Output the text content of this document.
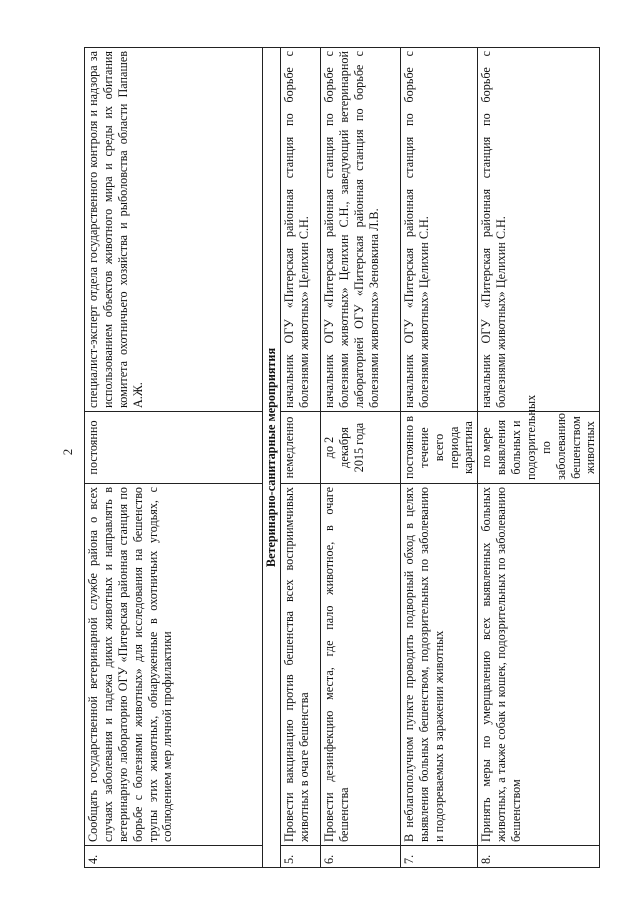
2
4.	Сообщать государственной ветеринарной службе района о всех случаях заболевания и падежа диких животных и направлять в ветеринарную лабораторию ОГУ «Питерская районная станция по борьбе с болезнями животных» для исследования на бешенство трупы этих животных, обнаруженные в охотничьих угодьях, с соблюдением мер личной профилактики	постоянно	специалист-эксперт отдела государственного контроля и надзора за использованием объектов животного мира и среды их обитания комитета охотничьего хозяйства и рыболовства области Папашев А.Ж.
Ветеринарно-санитарные мероприятия			
5.	Провести вакцинацию против бешенства всех восприимчивых животных в очаге бешенства	немедленно	начальник ОГУ «Питерская районная станция по борьбе с болезнями животных» Целихин С.Н.
6.	Провести дезинфекцию места, где пало животное, в очаге бешенства	до 2 декабря 2015 года	начальник ОГУ «Питерская районная станция по борьбе с болезнями животных» Целихин С.Н., заведующий ветеринарной лабораторией ОГУ «Питерская районная станция по борьбе с болезнями животных» Зеновкина Л.В.
7.	В неблагополучном пункте проводить подворный обход в целях выявления больных бешенством, подозрительных по заболеванию и подозреваемых в заражении животных	постоянно в течение всего периода карантина	начальник ОГУ «Питерская районная станция по борьбе с болезнями животных» Целихин С.Н.
8.	Принять меры по умерщвлению всех выявленных больных животных, а также собак и кошек, подозрительных по заболеванию бешенством	по мере выявления больных и подозрительных по заболеванию бешенством животных	начальник ОГУ «Питерская районная станция по борьбе с болезнями животных» Целихин С.Н.
